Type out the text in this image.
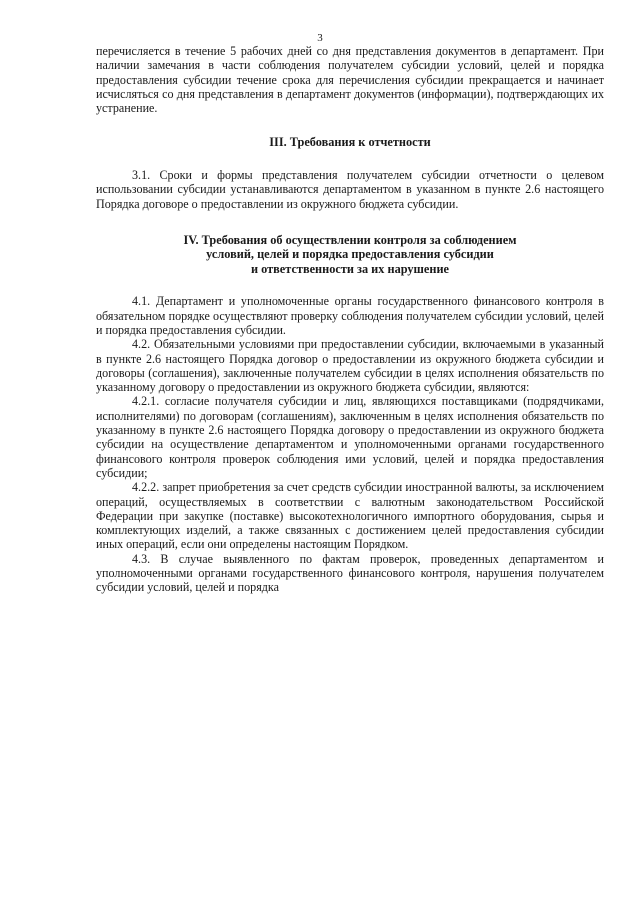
3

перечисляется в течение 5 рабочих дней со дня представления документов в департамент. При наличии замечания в части соблюдения получателем субсидии условий, целей и порядка предоставления субсидии течение срока для перечисления субсидии прекращается и начинает исчисляться со дня представления в департамент документов (информации), подтверждающих их устранение.

III. Требования к отчетности

3.1. Сроки и формы представления получателем субсидии отчетности о целевом использовании субсидии устанавливаются департаментом в указанном в пункте 2.6 настоящего Порядка договоре о предоставлении из окружного бюджета субсидии.

IV. Требования об осуществлении контроля за соблюдением
условий, целей и порядка предоставления субсидии
и ответственности за их нарушение

4.1. Департамент и уполномоченные органы государственного финансового контроля в обязательном порядке осуществляют проверку соблюдения получателем субсидии условий, целей и порядка предоставления субсидии.

4.2. Обязательными условиями при предоставлении субсидии, включаемыми в указанный в пункте 2.6 настоящего Порядка договор о предоставлении из окружного бюджета субсидии и договоры (соглашения), заключенные получателем субсидии в целях исполнения обязательств по указанному договору о предоставлении из окружного бюджета субсидии, являются:

4.2.1. согласие получателя субсидии и лиц, являющихся поставщиками (подрядчиками, исполнителями) по договорам (соглашениям), заключенным в целях исполнения обязательств по указанному в пункте 2.6 настоящего Порядка договору о предоставлении из окружного бюджета субсидии на осуществление департаментом и уполномоченными органами государственного финансового контроля проверок соблюдения ими условий, целей и порядка предоставления субсидии;

4.2.2. запрет приобретения за счет средств субсидии иностранной валюты, за исключением операций, осуществляемых в соответствии с валютным законодательством Российской Федерации при закупке (поставке) высокотехнологичного импортного оборудования, сырья и комплектующих изделий, а также связанных с достижением целей предоставления субсидии иных операций, если они определены настоящим Порядком.

4.3. В случае выявленного по фактам проверок, проведенных департаментом и уполномоченными органами государственного финансового контроля, нарушения получателем субсидии условий, целей и порядка
